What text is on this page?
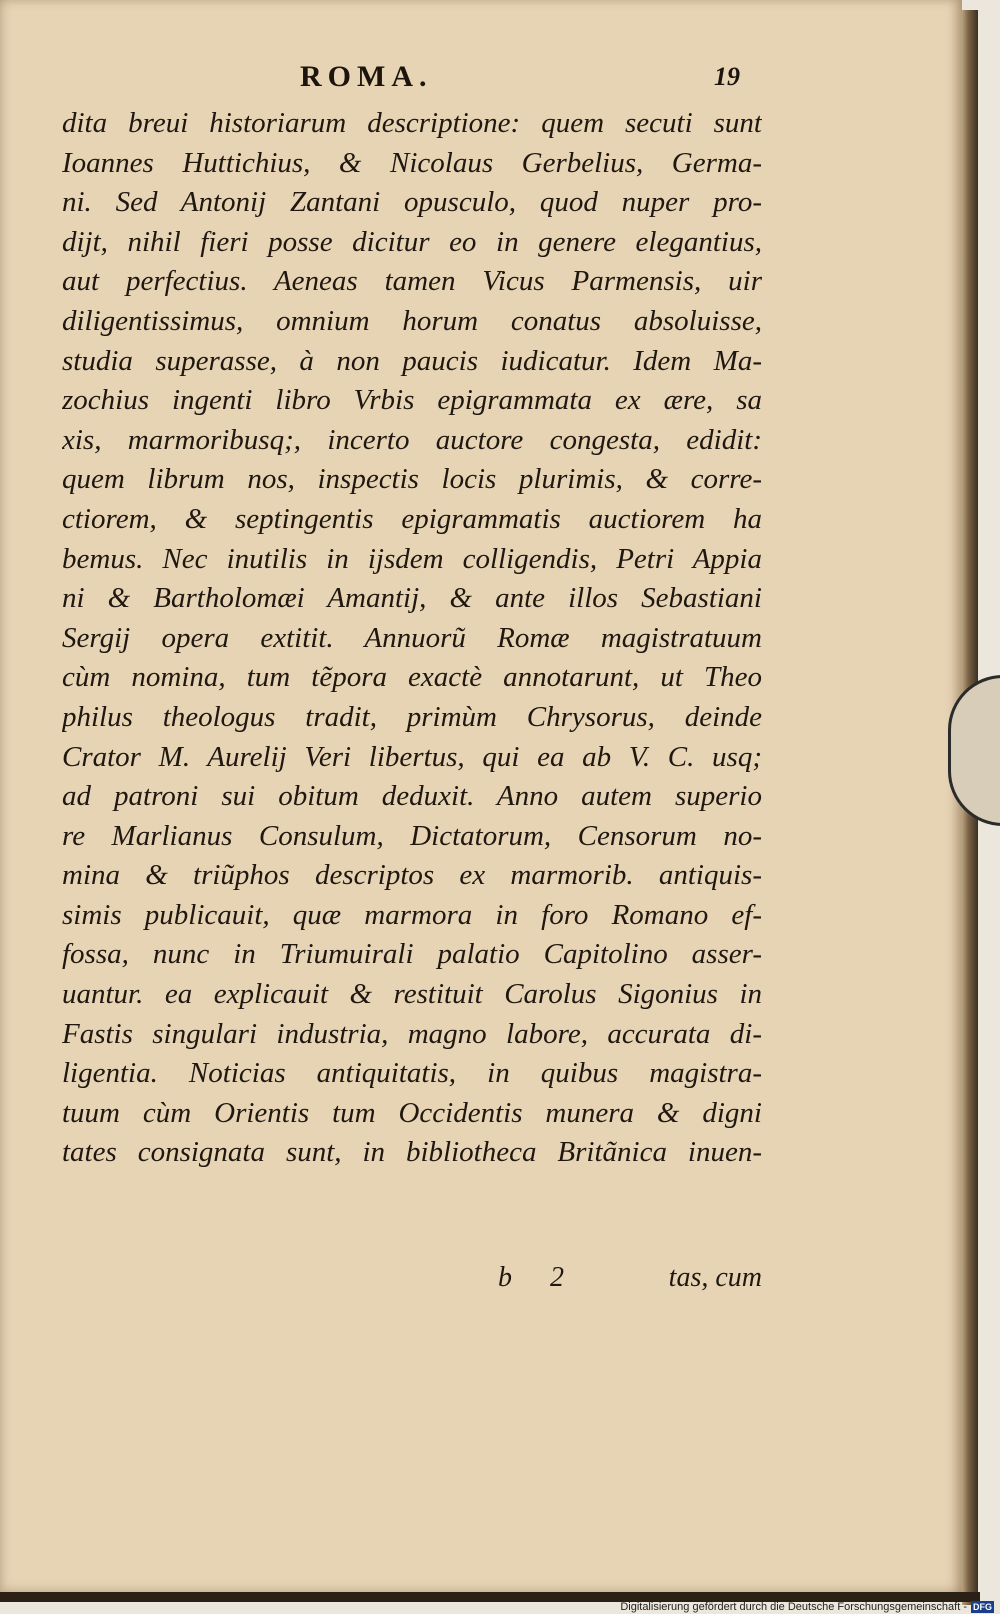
ROMA.	19
dita breui historiarum descriptione: quem secuti sunt
Ioannes Huttichius, & Nicolaus Gerbelius, Germa-
ni. Sed Antonij Zantani opusculo, quod nuper pro-
dijt, nihil fieri posse dicitur eo in genere elegantius,
aut perfectius. Aeneas tamen Vicus Parmensis, uir
diligentissimus, omnium horum conatus absoluisse,
studia superasse, à non paucis iudicatur. Idem Ma-
zochius ingenti libro Vrbis epigrammata ex ære, sa
xis, marmoribusq;, incerto auctore congesta, edidit:
quem librum nos, inspectis locis plurimis, & corre-
ctiorem, & septingentis epigrammatis auctiorem ha
bemus. Nec inutilis in ijsdem colligendis, Petri Appia
ni & Bartholomæi Amantij, & ante illos Sebastiani
Sergij opera extitit. Annuorũ Romæ magistratuum
cùm nomina, tum tẽpora exactè annotarunt, ut Theo
philus theologus tradit, primùm Chrysorus, deinde
Crator M. Aurelij Veri libertus, qui ea ab V. C. usq;
ad patroni sui obitum deduxit. Anno autem superio
re Marlianus Consulum, Dictatorum, Censorum no-
mina & triũphos descriptos ex marmorib. antiquis-
simis publicauit, quæ marmora in foro Romano ef-
fossa, nunc in Triumuirali palatio Capitolino asser-
uantur. ea explicauit & restituit Carolus Sigonius in
Fastis singulari industria, magno labore, accurata di-
ligentia. Noticias antiquitatis, in quibus magistra-
tuum cùm Orientis tum Occidentis munera & digni
tates consignata sunt, in bibliotheca Britãnica inuen-
b 2	tas, cum
Digitalisierung gefördert durch die Deutsche Forschungsgemeinschaft - DFG
